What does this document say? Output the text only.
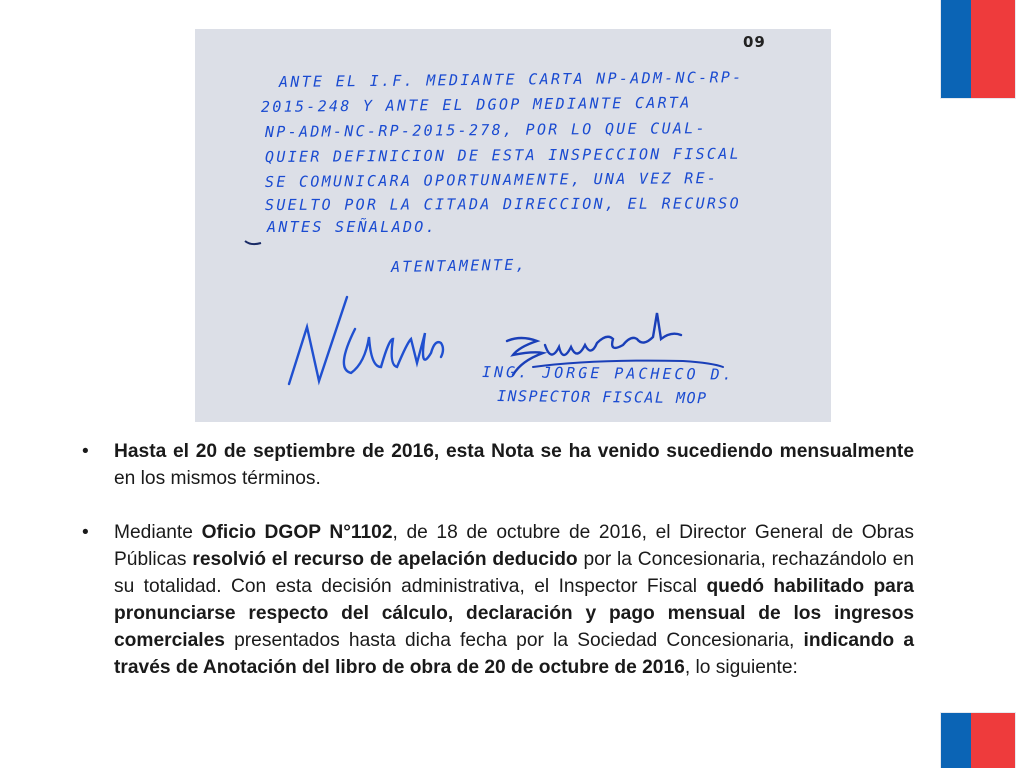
09
ANTE EL I.F. MEDIANTE CARTA NP-ADM-NC-RP-
2015-248 Y ANTE EL DGOP MEDIANTE CARTA
NP-ADM-NC-RP-2015-278, POR LO QUE CUAL-
QUIER DEFINICION DE ESTA INSPECCION FISCAL
SE COMUNICARA OPORTUNAMENTE, UNA VEZ RE-
SUELTO POR LA CITADA DIRECCION, EL RECURSO
ANTES SEÑALADO.
ATENTAMENTE,
ING. JORGE PACHECO D.
INSPECTOR FISCAL MOP
•	Hasta el 20 de septiembre de 2016, esta Nota se ha venido sucediendo mensualmente en los mismos términos.
•	Mediante Oficio DGOP N°1102, de 18 de octubre de 2016, el Director General de Obras Públicas resolvió el recurso de apelación deducido por la Concesionaria, rechazándolo en su totalidad. Con esta decisión administrativa, el Inspector Fiscal quedó habilitado para pronunciarse respecto del cálculo, declaración y pago mensual de los ingresos comerciales presentados hasta dicha fecha por la Sociedad Concesionaria, indicando a través de Anotación del libro de obra de 20 de octubre de 2016, lo siguiente:
